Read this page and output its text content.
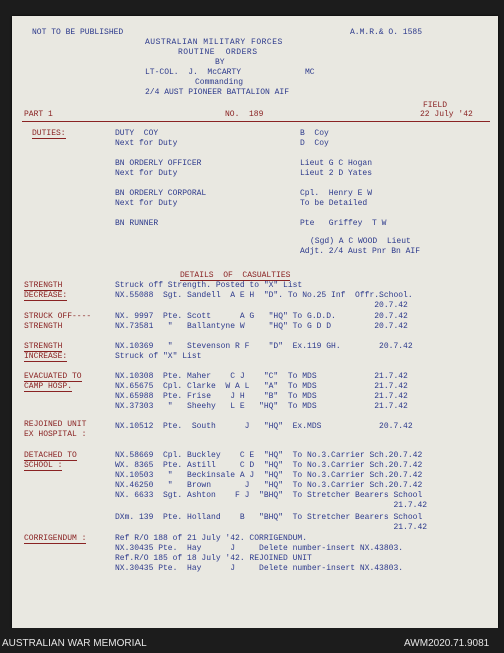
NOT TO BE PUBLISHED	A.M.R.& O. 1585
AUSTRALIAN MILITARY FORCES
ROUTINE  ORDERS
BY
LT-COL.  J.  McCARTY	MC
Commanding
2/4 AUST PIONEER BATTALION AIF
FIELD
PART 1	NO.  189	22 July '42
DUTIES:	DUTY  COY	B  Coy
Next for Duty	D  Coy
BN ORDERLY OFFICER	Lieut G C Hogan
Next for Duty	Lieut 2 D Yates
BN ORDERLY CORPORAL	Cpl.  Henry E W
Next for Duty	To be Detailed
BN RUNNER	Pte   Griffey  T W
(Sgd) A C WOOD  Lieut
Adjt. 2/4 Aust Pnr Bn AIF
DETAILS  OF  CASUALTIES
STRENGTH
DECREASE:
Struck off Strength. Posted to "X" List
NX.55088  Sgt. Sandell  A E H  "D". To No.25 Inf  Offr.School.
20.7.42
STRUCK OFF----
STRENGTH
NX. 9997  Pte. Scott      A G   "HQ" To G.D.D.        20.7.42
NX.73581   "   Ballantyne W     "HQ" To G D D         20.7.42
STRENGTH
INCREASE:
NX.10369   "   Stevenson R F    "D"  Ex.119 GH.        20.7.42
Struck of "X" List
EVACUATED TO
CAMP HOSP.
NX.10308  Pte. Maher    C J    "C"  To MDS            21.7.42
NX.65675  Cpl. Clarke  W A L   "A"  To MDS            21.7.42
NX.65988  Pte. Frise    J H    "B"  To MDS            21.7.42
NX.37303   "   Sheehy   L E   "HQ"  To MDS            21.7.42
REJOINED UNIT
EX HOSPITAL :
NX.10512  Pte.  South      J   "HQ"  Ex.MDS            20.7.42
DETACHED TO
SCHOOL :
NX.58669  Cpl. Buckley    C E  "HQ"  To No.3.Carrier Sch.20.7.42
WX. 8365  Pte. Astill     C D  "HQ"  To No.3.Carrier Sch.20.7.42
NX.10503   "   Beckinsale A J  "HQ"  To No.3.Carrier Sch.20.7.42
NX.46250   "   Brown       J   "HQ"  To No.3.Carrier Sch.20.7.42
NX. 6633  Sgt. Ashton    F J  "BHQ"  To Stretcher Bearers School
21.7.42
DXm. 139  Pte. Holland    B   "BHQ"  To Stretcher Bearers School
21.7.42
CORRIGENDUM :	Ref R/O 188 of 21 July '42. CORRIGENDUM.
NX.30435 Pte.  Hay      J     Delete number-insert NX.43803.
Ref.R/O 185 of 18 July '42. REJOINED UNIT
NX.30435 Pte.  Hay      J     Delete number-insert NX.43803.
AUSTRALIAN WAR MEMORIAL	AWM2020.71.9081
